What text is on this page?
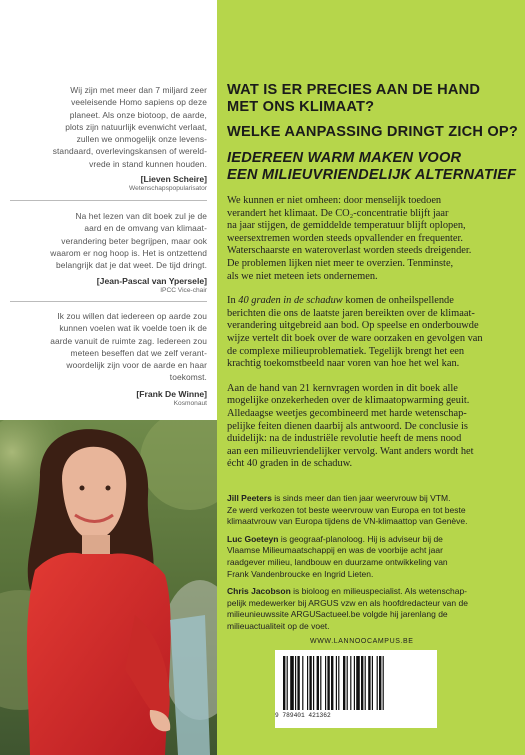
Wij zijn met meer dan 7 miljard zeer
veeleisende Homo sapiens op deze
planeet. Als onze biotoop, de aarde,
plots zijn natuurlijk evenwicht verlaat,
zullen we onmogelijk onze levens-
standaard, overlevingskansen of wereld-
vrede in stand kunnen houden.
[Lieven Scheire]
Wetenschapspopularisator
Na het lezen van dit boek zul je de
aard en de omvang van klimaat-
verandering beter begrijpen, maar ook
waarom er nog hoop is. Het is ontzettend
belangrijk dat je dat weet. De tijd dringt.
[Jean-Pascal van Ypersele]
IPCC Vice-chair
Ik zou willen dat iedereen op aarde zou
kunnen voelen wat ik voelde toen ik de
aarde vanuit de ruimte zag. Iedereen zou
meteen beseffen dat we zelf verant-
woordelijk zijn voor de aarde en haar
toekomst.
[Frank De Winne]
Kosmonaut
WAT IS ER PRECIES AAN DE HAND
MET ONS KLIMAAT?
WELKE AANPASSING DRINGT ZICH OP?
IEDEREEN WARM MAKEN VOOR
EEN MILIEUVRIENDELIJK ALTERNATIEF

We kunnen er niet omheen: door menselijk toedoen
verandert het klimaat. De CO₂-concentratie blijft jaar
na jaar stijgen, de gemiddelde temperatuur blijft oplopen,
weersextremen worden steeds opvallender en frequenter.
Waterschaarste en wateroverlast worden steeds dreigender.
De problemen lijken niet meer te overzien. Tenminste,
als we niet meteen iets ondernemen.

In 40 graden in de schaduw komen de onheilspellende
berichten die ons de laatste jaren bereikten over de klimaat-
verandering uitgebreid aan bod. Op speelse en onderbouwde
wijze vertelt dit boek over de ware oorzaken en gevolgen van
de complexe milieuproblematiek. Tegelijk brengt het een
krachtig toekomstbeeld naar voren van hoe het wel kan.

Aan de hand van 21 kernvragen worden in dit boek alle
mogelijke onzekerheden over de klimaatopwarming geuit.
Alledaagse weetjes gecombineerd met harde wetenschap-
pelijke feiten dienen daarbij als antwoord. De conclusie is
duidelijk: na de industriële revolutie heeft de mens nood
aan een milieuvriendelijker vervolg. Want anders wordt het
écht 40 graden in de schaduw.

Jill Peeters is sinds meer dan tien jaar weervrouw bij VTM.
Ze werd verkozen tot beste weervrouw van Europa en tot beste
klimaatvrouw van Europa tijdens de VN-klimaattop van Genève.

Luc Goeteyn is geograaf-planoloog. Hij is adviseur bij de
Vlaamse Milieumaatschappij en was de voorbije acht jaar
raadgever milieu, landbouw en duurzame ontwikkeling van
Frank Vandenbroucke en Ingrid Lieten.

Chris Jacobson is bioloog en milieuspecialist. Als wetenschap-
pelijk medewerker bij ARGUS vzw en als hoofdredacteur van de
milieunieuwssite ARGUSactueel.be volgde hij jarenlang de
milieuactualiteit op de voet.

WWW.LANNOOCAMPUS.BE
9 789401 421362
